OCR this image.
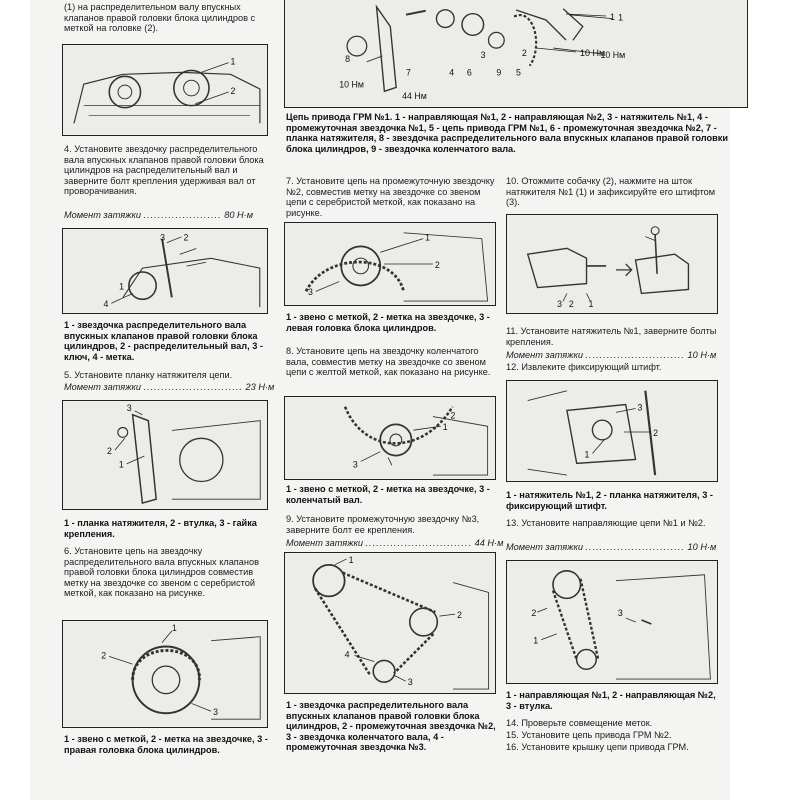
(1) на распределительном валу впускных клапанов правой головки блока цилиндров с меткой на головке (2).
1
2
4. Установите звездочку распределительного вала впускных клапанов правой головки блока цилиндров на распределительный вал и заверните болт крепления удерживая вал от проворачивания.
Момент затяжки ...................... 80 Н·м
3 2
1
4
1 - звездочка распределительного вала впускных клапанов правой головки блока цилиндров, 2 - распределительный вал, 3 - ключ, 4 - метка.
5. Установите планку натяжителя цепи.
Момент затяжки ............................ 23 Н·м
3
2
1
1 - планка натяжителя, 2 - втулка, 3 - гайка крепления.
6. Установите цепь на звездочку распределительного вала впускных клапанов правой головки блока цилиндров совместив метку на звездочке со звеном с серебристой меткой, как показано на рисунке.
1
2
3
1 - звено с меткой, 2 - метка на звездочке, 3 - правая головка блока цилиндров.
1
10 Нм
10 Нм
8
7	4 6
3
9 5
2
44 Нм
Цепь привода ГРМ №1. 1 - направляющая №1, 2 - направляющая №2, 3 - натяжитель №1, 4 - промежуточная звездочка №1, 5 - цепь привода ГРМ №1, 6 - промежуточная звездочка №2, 7 - планка натяжителя, 8 - звездочка распределительного вала впускных клапанов правой головки блока цилиндров, 9 - звездочка коленчатого вала.
7. Установите цепь на промежуточную звездочку №2, совместив метку на звездочке со звеном цепи с серебристой меткой, как показано на рисунке.
1
2
3
1 - звено с меткой, 2 - метка на звездочке, 3 - левая головка блока цилиндров.
8. Установите цепь на звездочку коленчатого вала, совместив метку на звездочке со звеном цепи с желтой меткой, как показано на рисунке.
1
2
3
1 - звено с меткой, 2 - метка на звездочке, 3 - коленчатый вал.
9. Установите промежуточную звездочку №3, заверните болт ее крепления.
Момент затяжки .............................. 44 Н·м
1
2
4
3
1 - звездочка распределительного вала впускных клапанов правой головки блока цилиндров, 2 - промежуточная звездочка №2, 3 - звездочка коленчатого вала, 4 - промежуточная звездочка №3.
10. Отожмите собачку (2), нажмите на шток натяжителя №1 (1) и зафиксируйте его штифтом (3).
3 2 1
11. Установите натяжитель №1, заверните болты крепления.
Момент затяжки ............................ 10 Н·м
12. Извлеките фиксирующий штифт.
3
2
1
1 - натяжитель №1, 2 - планка натяжителя, 3 - фиксирующий штифт.
13. Установите направляющие цепи №1 и №2.
Момент затяжки ............................ 10 Н·м
3
2
1
1 - направляющая №1, 2 - направляющая №2, 3 - втулка.
14. Проверьте совмещение меток.
15. Установите цепь привода ГРМ №2.
16. Установите крышку цепи привода ГРМ.
1
10 Нм
